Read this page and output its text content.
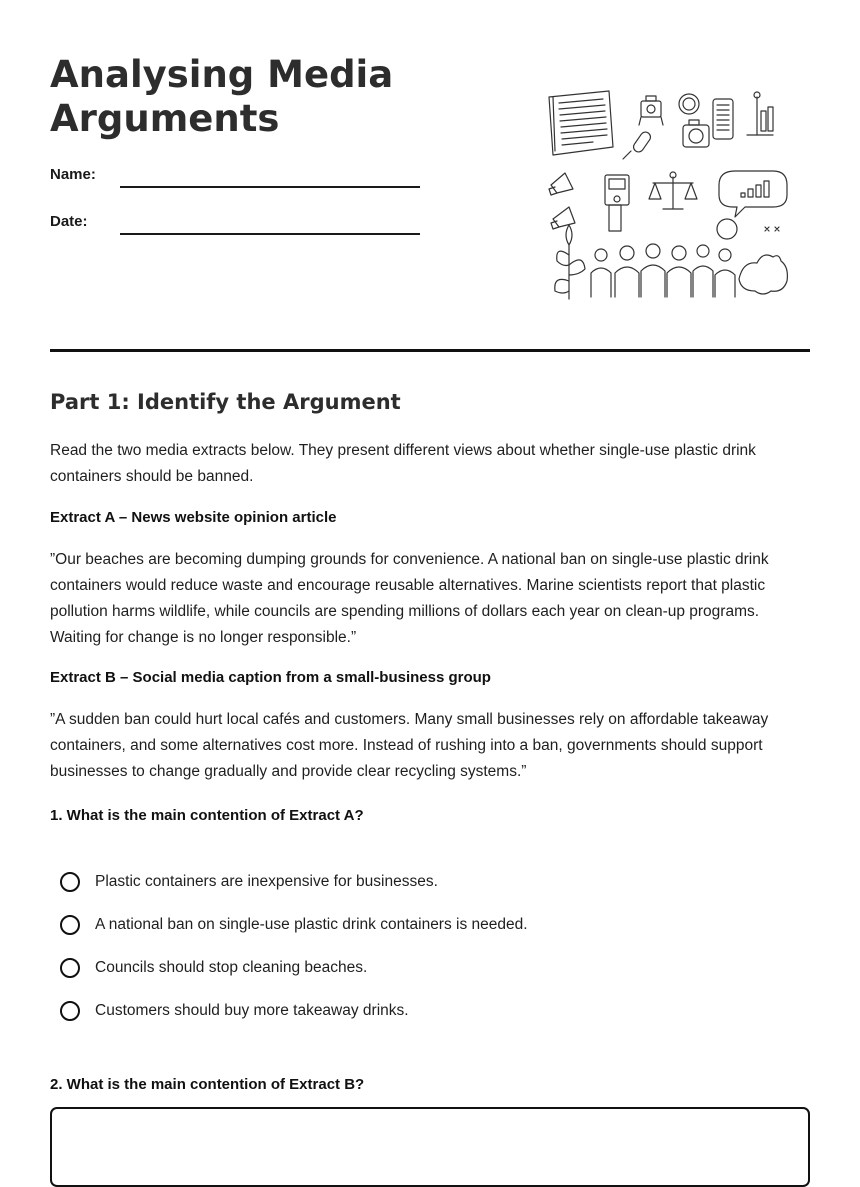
Analysing Media Arguments
Name:
Date:
Part 1: Identify the Argument

Read the two media extracts below. They present different views about whether single-use plastic drink containers should be banned.

Extract A – News website opinion article

”Our beaches are becoming dumping grounds for convenience. A national ban on single-use plastic drink containers would reduce waste and encourage reusable alternatives. Marine scientists report that plastic pollution harms wildlife, while councils are spending millions of dollars each year on clean-up programs. Waiting for change is no longer responsible.”

Extract B – Social media caption from a small-business group

”A sudden ban could hurt local cafés and customers. Many small businesses rely on affordable takeaway containers, and some alternatives cost more. Instead of rushing into a ban, governments should support businesses to change gradually and provide clear recycling systems.”

1. What is the main contention of Extract A?

Plastic containers are inexpensive for businesses.
A national ban on single-use plastic drink containers is needed.
Councils should stop cleaning beaches.
Customers should buy more takeaway drinks.

2. What is the main contention of Extract B?
